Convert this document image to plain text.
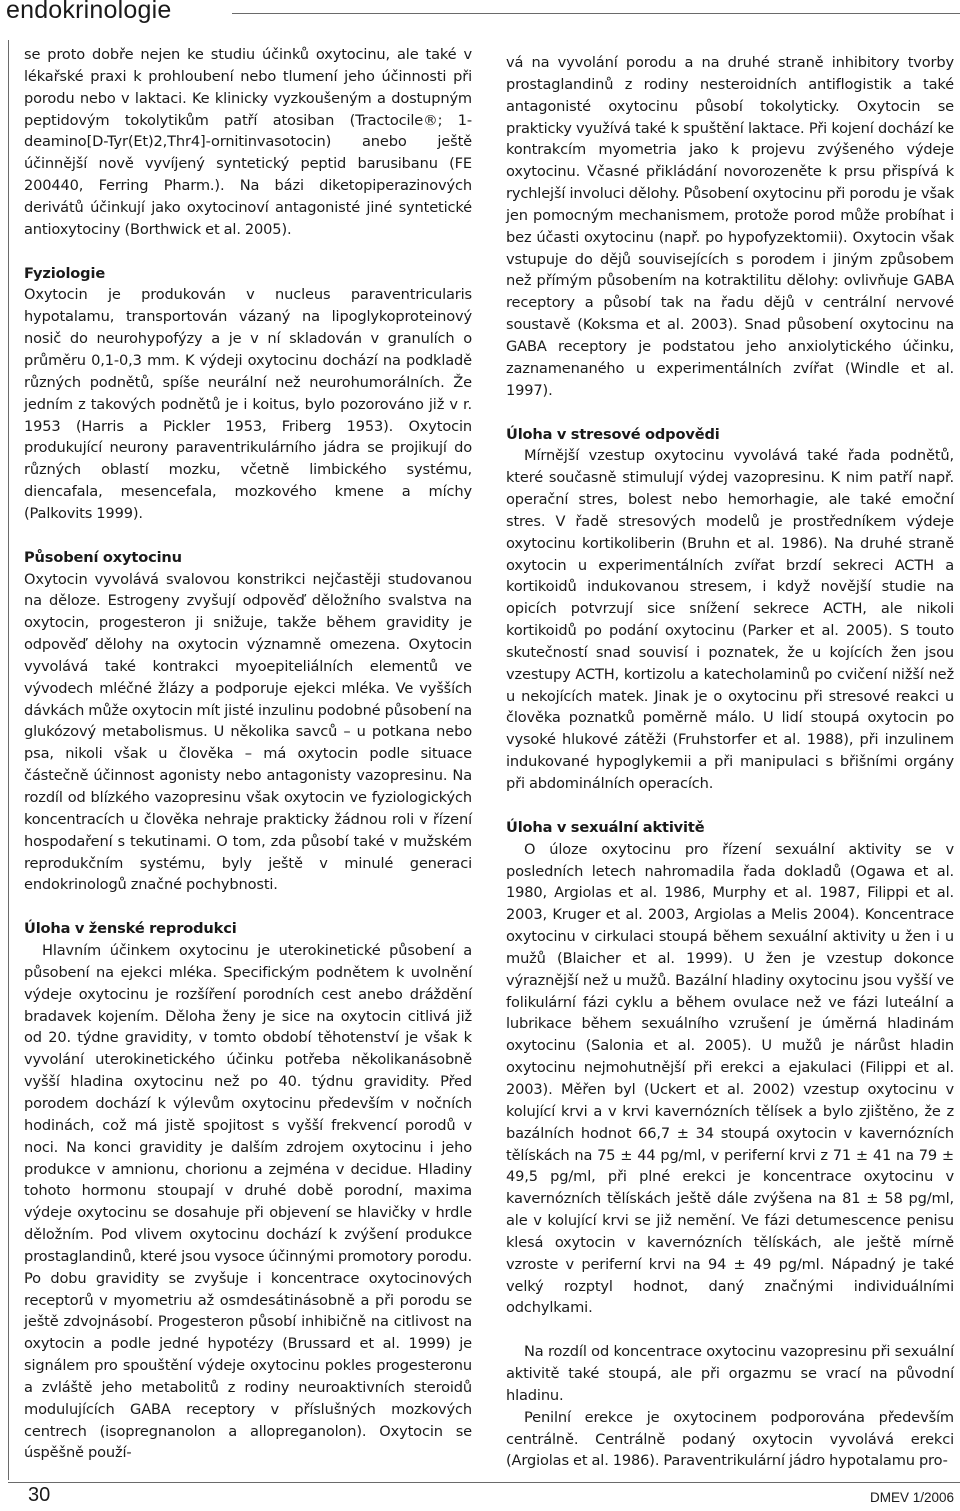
endokrinologie

se proto dobře nejen ke studiu účinků oxytocinu, ale také v lékařské praxi k prohloubení nebo tlumení jeho účinnosti při porodu nebo v laktaci. Ke klinicky vyzkoušeným a dostupným peptidovým tokolytikům patří atosiban (Tractocile®; 1-deamino[D-Tyr(Et)2,Thr4]-ornitinvasotocin) anebo ještě účinnější nově vyvíjený syntetický peptid barusibanu (FE 200440, Ferring Pharm.). Na bázi diketopiperazinových derivátů účinkují jako oxytocinoví antagonisté jiné syntetické antioxytociny (Borthwick et al. 2005).

Fyziologie

Oxytocin je produkován v nucleus paraventricularis hypotalamu, transportován vázaný na lipoglykoproteinový nosič do neurohypofýzy a je v ní skladován v granulích o průměru 0,1-0,3 mm. K výdeji oxytocinu dochází na podkladě různých podnětů, spíše neurální než neurohumorálních. Že jedním z takových podnětů je i koitus, bylo pozorováno již v r. 1953 (Harris a Pickler 1953, Friberg 1953). Oxytocin produkující neurony paraventrikulárního jádra se projikují do různých oblastí mozku, včetně limbického systému, diencafala, mesencefala, mozkového kmene a míchy (Palkovits 1999).

Působení oxytocinu

Oxytocin vyvolává svalovou konstrikci nejčastěji studovanou na děloze. Estrogeny zvyšují odpověď děložního svalstva na oxytocin, progesteron ji snižuje, takže během gravidity je odpověď dělohy na oxytocin významně omezena. Oxytocin vyvolává také kontrakci myoepiteliálních elementů ve vývodech mléčné žlázy a podporuje ejekci mléka. Ve vyšších dávkách může oxytocin mít jisté inzulinu podobné působení na glukózový metabolismus. U několika savců – u potkana nebo psa, nikoli však u člověka – má oxytocin podle situace částečně účinnost agonisty nebo antagonisty vazopresinu. Na rozdíl od blízkého vazopresinu však oxytocin ve fyziologických koncentracích u člověka nehraje prakticky žádnou roli v řízení hospodaření s tekutinami. O tom, zda působí také v mužském reprodukčním systému, byly ještě v minulé generaci endokrinologů značné pochybnosti.

Úloha v ženské reprodukci

Hlavním účinkem oxytocinu je uterokinetické působení a působení na ejekci mléka. Specifickým podnětem k uvolnění výdeje oxytocinu je rozšíření porodních cest anebo dráždění bradavek kojením. Děloha ženy je sice na oxytocin citlivá již od 20. týdne gravidity, v tomto období těhotenství je však k vyvolání uterokinetického účinku potřeba několikanásobně vyšší hladina oxytocinu než po 40. týdnu gravidity. Před porodem dochází k výlevům oxytocinu především v nočních hodinách, což má jistě spojitost s vyšší frekvencí porodů v noci. Na konci gravidity je dalším zdrojem oxytocinu i jeho produkce v amnionu, chorionu a zejména v decidue. Hladiny tohoto hormonu stoupají v druhé době porodní, maxima výdeje oxytocinu se dosahuje při objevení se hlavičky v hrdle děložním. Pod vlivem oxytocinu dochází k zvýšení produkce prostaglandinů, které jsou vysoce účinnými promotory porodu. Po dobu gravidity se zvyšuje i koncentrace oxytocinových receptorů v myometriu až osmdesátinásobně a při porodu se ještě zdvojnásobí. Progesteron působí inhibičně na citlivost na oxytocin a podle jedné hypotézy (Brussard et al. 1999) je signálem pro spouštění výdeje oxytocinu pokles progesteronu a zvláště jeho metabolitů z rodiny neuroaktivních steroidů modulujících GABA receptory v příslušných mozkových centrech (isopregnanolon a allopreganolon). Oxytocin se úspěšně použí-

vá na vyvolání porodu a na druhé straně inhibitory tvorby prostaglandinů z rodiny nesteroidních antiflogistik a také antagonisté oxytocinu působí tokolyticky. Oxytocin se prakticky využívá také k spuštění laktace. Při kojení dochází ke kontrakcím myometria jako k projevu zvýšeného výdeje oxytocinu. Včasné přikládání novorozeněte k prsu přispívá k rychlejší involuci dělohy. Působení oxytocinu při porodu je však jen pomocným mechanismem, protože porod může probíhat i bez účasti oxytocinu (např. po hypofyzektomii). Oxytocin však vstupuje do dějů souvisejících s porodem i jiným způsobem než přímým působením na kotraktilitu dělohy: ovlivňuje GABA receptory a působí tak na řadu dějů v centrální nervové soustavě (Koksma et al. 2003). Snad působení oxytocinu na GABA receptory je podstatou jeho anxiolytického účinku, zaznamenaného u experimentálních zvířat (Windle et al. 1997).

Úloha v stresové odpovědi

Mírnější vzestup oxytocinu vyvolává také řada podnětů, které současně stimulují výdej vazopresinu. K nim patří např. operační stres, bolest nebo hemorhagie, ale také emoční stres. V řadě stresových modelů je prostředníkem výdeje oxytocinu kortikoliberin (Bruhn et al. 1986). Na druhé straně oxytocin u experimentálních zvířat brzdí sekreci ACTH a kortikoidů indukovanou stresem, i když novější studie na opicích potvrzují sice snížení sekrece ACTH, ale nikoli kortikoidů po podání oxytocinu (Parker et al. 2005). S touto skutečností snad souvisí i poznatek, že u kojících žen jsou vzestupy ACTH, kortizolu a katecholaminů po cvičení nižší než u nekojících matek. Jinak je o oxytocinu při stresové reakci u člověka poznatků poměrně málo. U lidí stoupá oxytocin po vysoké hlukové zátěži (Fruhstorfer et al. 1988), při inzulinem indukované hypoglykemii a při manipulaci s břišními orgány při abdominálních operacích.

Úloha v sexuální aktivitě

O úloze oxytocinu pro řízení sexuální aktivity se v posledních letech nahromadila řada dokladů (Ogawa et al. 1980, Argiolas et al. 1986, Murphy et al. 1987, Filippi et al. 2003, Kruger et al. 2003, Argiolas a Melis 2004). Koncentrace oxytocinu v cirkulaci stoupá během sexuální aktivity u žen i u mužů (Blaicher et al. 1999). U žen je vzestup dokonce výraznější než u mužů. Bazální hladiny oxytocinu jsou vyšší ve folikulární fázi cyklu a během ovulace než ve fázi luteální a lubrikace během sexuálního vzrušení je úměrná hladinám oxytocinu (Salonia et al. 2005). U mužů je nárůst hladin oxytocinu nejmohutnější při erekci a ejakulaci (Filippi et al. 2003). Měřen byl (Uckert et al. 2002) vzestup oxytocinu v kolující krvi a v krvi kavernózních tělísek a bylo zjištěno, že z bazálních hodnot 66,7 ± 34 stoupá oxytocin v kavernózních tělískách na 75 ± 44 pg/ml, v periferní krvi z 71 ± 41 na 79 ± 49,5 pg/ml, při plné erekci je koncentrace oxytocinu v kavernózních tělískách ještě dále zvýšena na 81 ± 58 pg/ml, ale v kolující krvi se již nemění. Ve fázi detumescence penisu klesá oxytocin v kavernózních tělískách, ale ještě mírně vzroste v periferní krvi na 94 ± 49 pg/ml. Nápadný je také velký rozptyl hodnot, daný značnými individuálními odchylkami.

Na rozdíl od koncentrace oxytocinu vazopresinu při sexuální aktivitě také stoupá, ale při orgazmu se vrací na původní hladinu.

Penilní erekce je oxytocinem podporována především centrálně. Centrálně podaný oxytocin vyvolává erekci (Argiolas et al. 1986). Paraventrikulární jádro hypotalamu pro-

30	DMEV 1/2006
